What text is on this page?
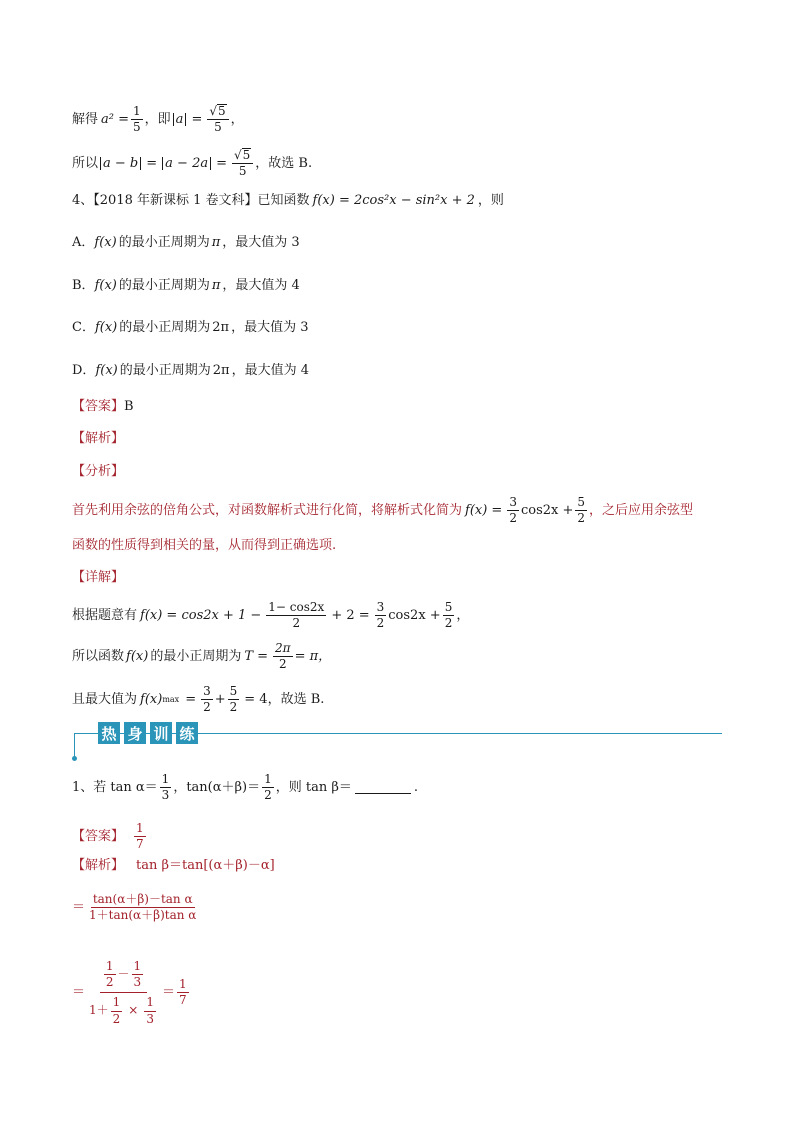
解得 $a^2 = \frac{1}{5}$ ，即 $a = \frac{√ 5}{5}$ ，
所以 $a - b = a - 2a = \frac{√ 5}{5}$ ，故选 B.
4、【2018 年新课标 1 卷文科】已知函数 f(x) = 2cos²x − sin²x + 2 ，则
A． f(x) 的最小正周期为 π ，最大值为 3
B． f(x) 的最小正周期为 π ，最大值为 4
C． f(x) 的最小正周期为 2π ，最大值为 3
D． f(x) 的最小正周期为 2π ，最大值为 4
【答案】 B
【解析】
【分析】
首先利用余弦的倍角公式，对函数解析式进行化简，将解析式化简为 $f(x) = \frac{3}{2} \cos 2x + \frac{5}{2}$ ，之后应用余弦型
函数的性质得到相关的量，从而得到正确选项.
【详解】
根据题意有 $f(x) = \cos 2x + 1 - \frac{1- \cos 2x}{2} + 2 = \frac{3}{2} \cos 2x + \frac{5}{2}$ ，
所以函数 f(x) 的最小正周期为 $T = \frac{2\pi}{2} = \pi$，
且最大值为 f(x) $\max = \frac{3}{2} + \frac{5}{2} = 4$，故选 B.
热 身 训 练
1、若 $\tan \alpha= \frac{1}{3}$ ，$\tan(\alpha+\beta)= \frac{1}{2}$ ，则 tan β＝	.
【答案】 $\frac{1}{7}$
【解析】 tan β＝tan[(α＋β)－α]
＝ $\frac{\text{tan(α＋β)－tan α}}{\text{1＋tan(α＋β)tan α}}$
＝ $\frac{\frac{1}{2} - \frac{1}{3}}{1+ \frac{1}{2} \times \frac{1}{3}} = \frac{1}{7}$
